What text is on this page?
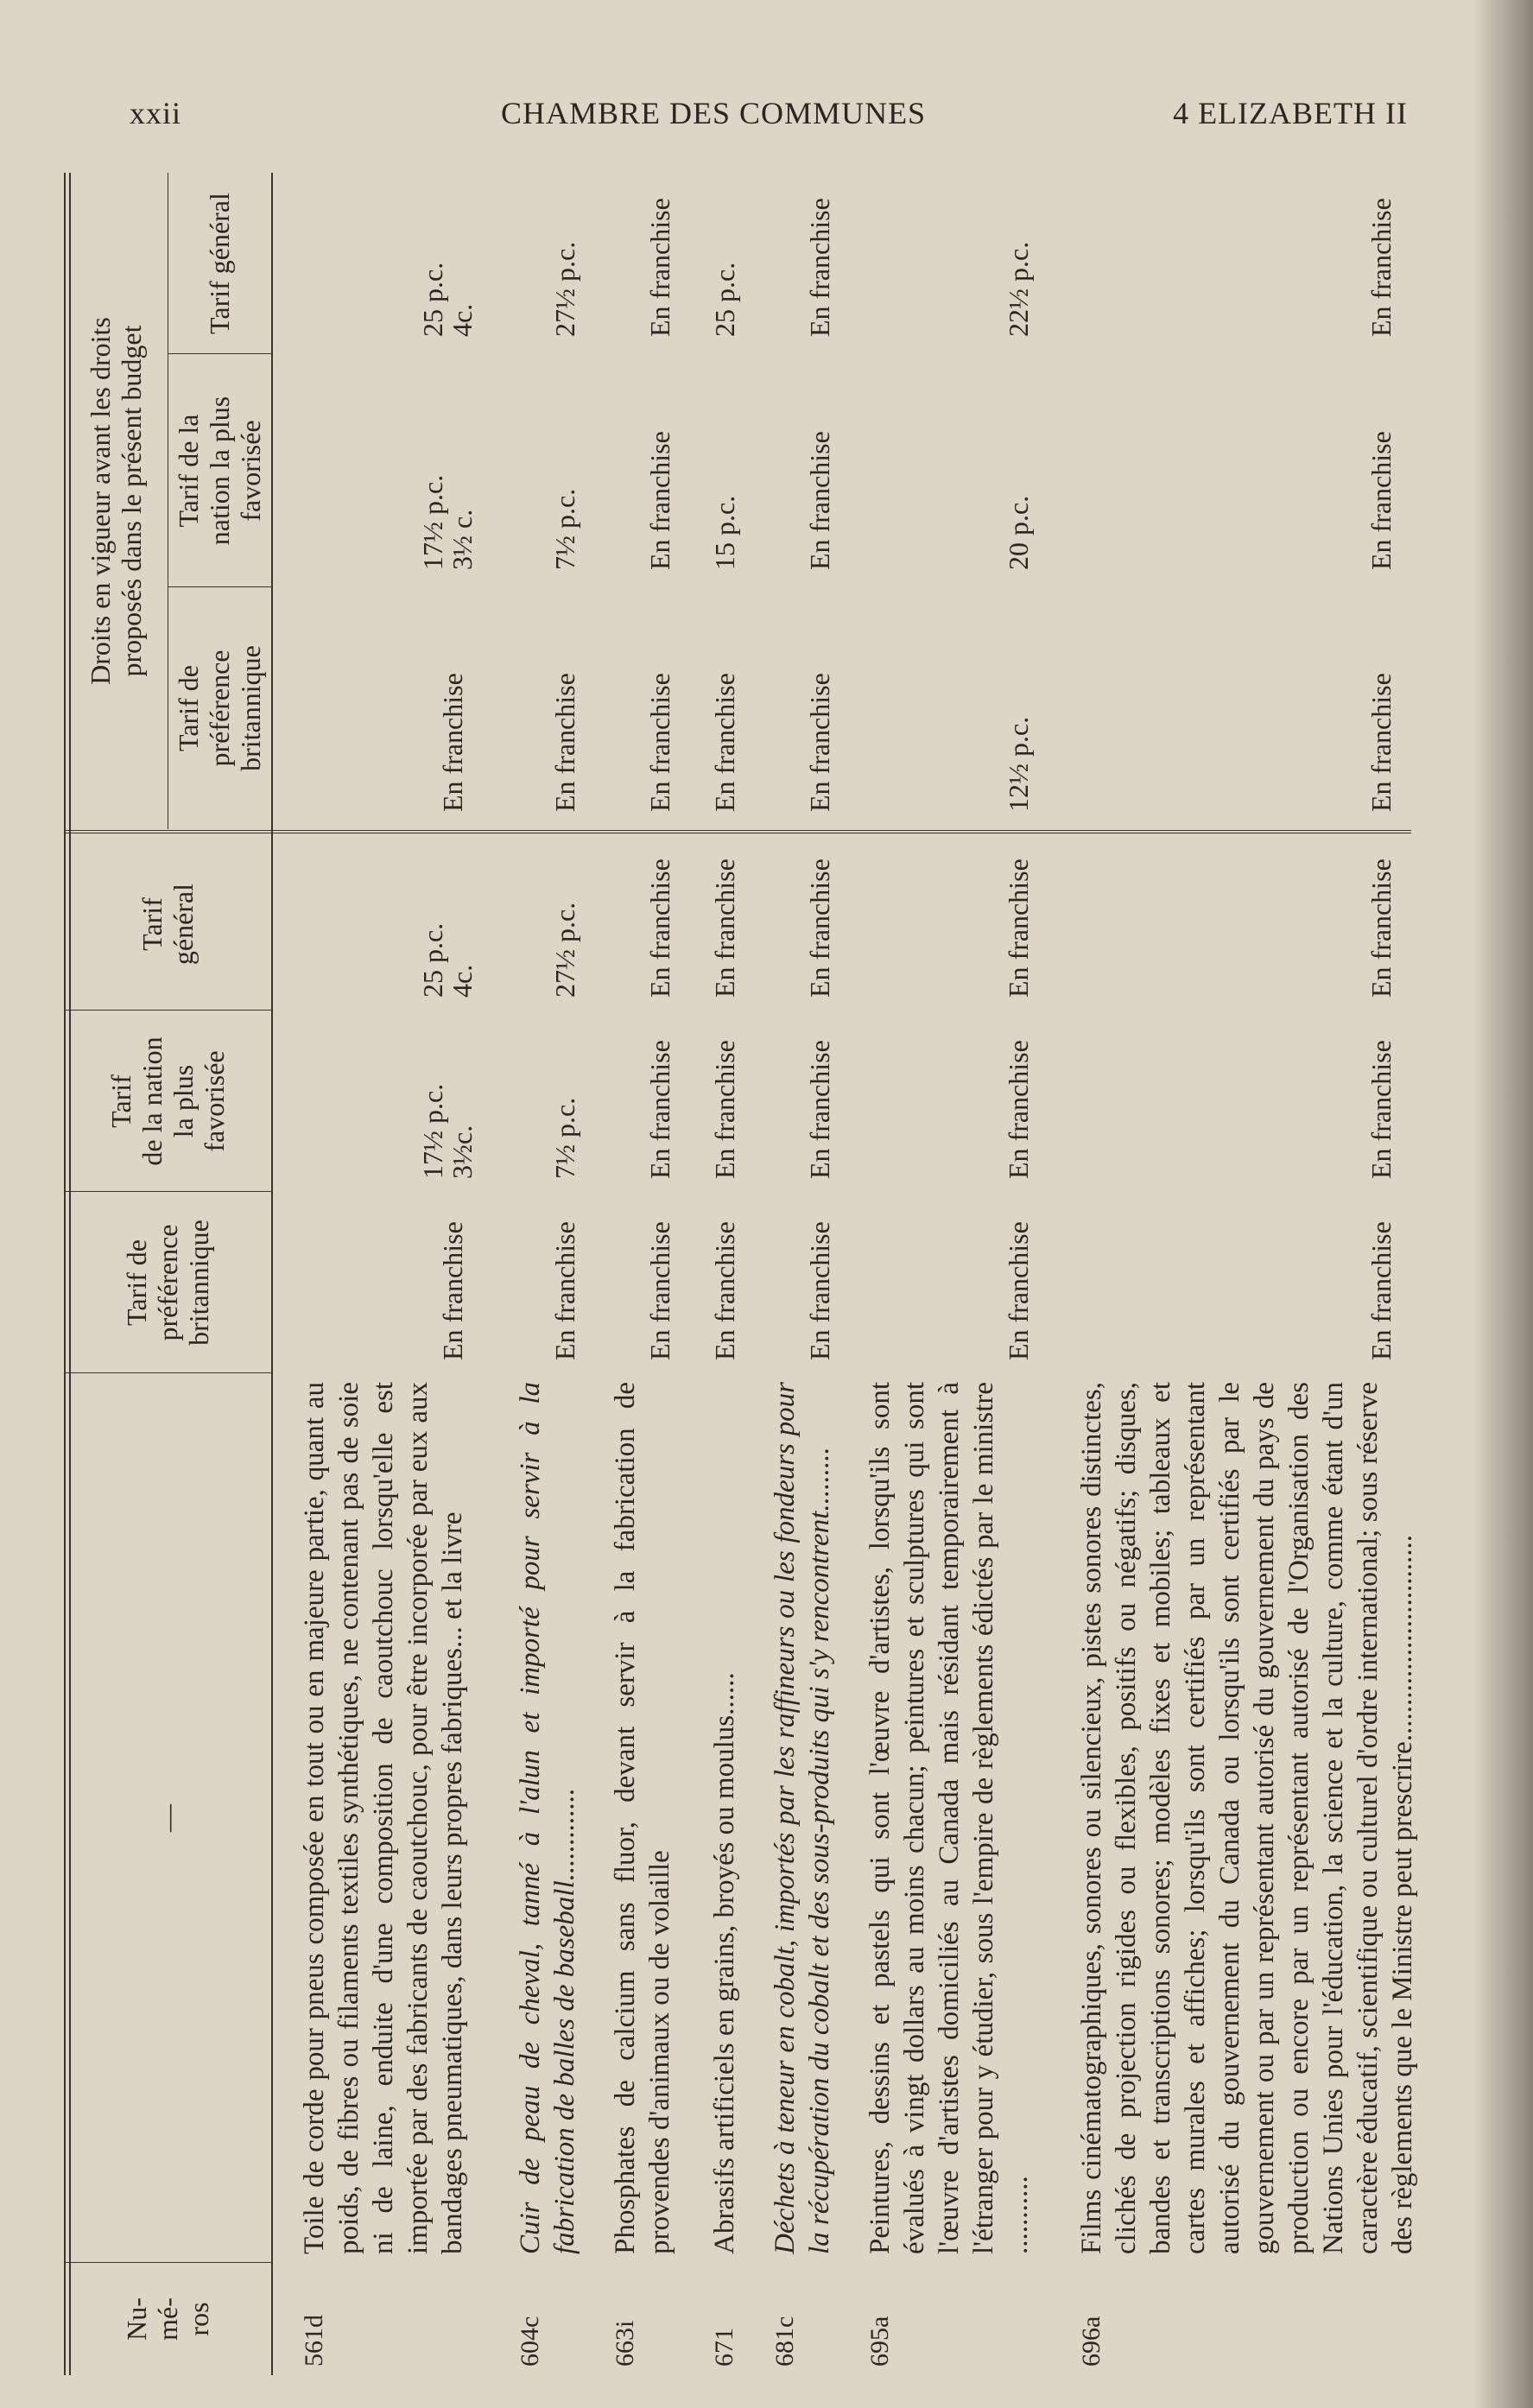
xxii	CHAMBRE DES COMMUNES	4 ELIZABETH II
Nu-
mé-
ros
—
Tarif de
préférence
britannique
Tarif
de la nation
la plus
favorisée
Tarif
général
Droits en vigueur avant les droits
proposés dans le présent budget
Tarif de
préférence
britannique
Tarif de la
nation la plus
favorisée
Tarif général
561d
Toile de corde pour pneus composée en tout ou en majeure partie, quant au poids, de fibres ou filaments textiles synthétiques, ne contenant pas de soie ni de laine, enduite d'une composition de caoutchouc lorsqu'elle est importée par des fabricants de caoutchouc, pour être incorporée par eux aux bandages pneumatiques, dans leurs propres fabriques... et la livre
En franchise
17½ p.c.
3½c.
25 p.c.
4c.
En franchise
17½ p.c.
3½ c.
25 p.c.
4c.
604c
Cuir de peau de cheval, tanné à l'alun et importé pour servir à la fabrication de balles de baseball.............
En franchise
7½ p.c.
27½ p.c.
En franchise
7½ p.c.
27½ p.c.
663i
Phosphates de calcium sans fluor, devant servir à la fabrication de provendes d'animaux ou de volaille
En franchise
En franchise
En franchise
En franchise
En franchise
En franchise
671
Abrasifs artificiels en grains, broyés ou moulus......
En franchise
En franchise
En franchise
En franchise
15 p.c.
25 p.c.
681c
Déchets à teneur en cobalt, importés par les raffineurs ou les fondeurs pour la récupération du cobalt et des sous-produits qui s'y rencontrent.........
En franchise
En franchise
En franchise
En franchise
En franchise
En franchise
695a
Peintures, dessins et pastels qui sont l'œuvre d'artistes, lorsqu'ils sont évalués à vingt dollars au moins chacun; peintures et sculptures qui sont l'œuvre d'artistes domiciliés au Canada mais résidant temporairement à l'étranger pour y étudier, sous l'empire de règlements édictés par le ministre ...........
En franchise
En franchise
En franchise
12½ p.c.
20 p.c.
22½ p.c.
696a
Films cinématographiques, sonores ou silencieux, pistes sonores distinctes, clichés de projection rigides ou flexibles, positifs ou négatifs; disques, bandes et transcriptions sonores; modèles fixes et mobiles; tableaux et cartes murales et affiches; lorsqu'ils sont certifiés par un représentant autorisé du gouvernement du Canada ou lorsqu'ils sont certifiés par le gouvernement ou par un représentant autorisé du gouvernement du pays de production ou encore par un représentant autorisé de l'Organisation des Nations Unies pour l'éducation, la science et la culture, comme étant d'un caractère éducatif, scientifique ou culturel d'ordre international; sous réserve des règlements que le Ministre peut prescrire.............................
En franchise
En franchise
En franchise
En franchise
En franchise
En franchise
